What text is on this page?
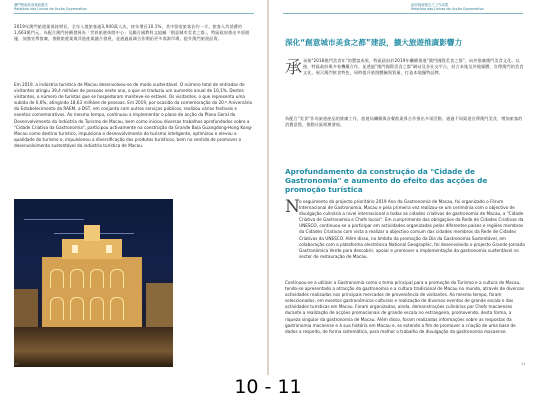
澳門特區政府施政報告
Relatório das Linhas de Acção Governativa
2019年澳門旅遊業保持增長，全年入境旅客逾3,940萬人次，按年增長10.1%，其中留宿旅客佔約一半。旅客人均消費約1,663澳門元。為配合澳門持續發展為「世界旅遊休閒中心」及聯合國教科文組織「創意城市美食之都」，特區政府推出多項措施，加強宣傳推廣，推動旅遊業與其他產業融合發展，並通過區域合作開拓更多客源市場，提升澳門旅遊品質。
Em 2019, a indústria turística de Macau desenvolveu-se de modo sustentável. O número total de entradas de visitantes atingiu 39,4 milhões de pessoas neste ano, o que se traduziu um aumento anual de 10,1%. Destes visitantes, o número de turistas que se hospedaram manteve-se estável. Os visitantes, o que representa uma subida de 0,6%, atingindo 18,63 milhões de pessoas. Em 2019, por ocasião da comemoração do 20.º Aniversário do Estabelecimento da RAEM, a DST, em conjunto com outros serviços públicos, realizou vários festivais e eventos comemorativos. Ao mesmo tempo, continuou a implementar o plano de acção da Plano Geral do Desenvolvimento da Indústria do Turismo de Macau, bem como iniciou diversas trabalhos aprofundados sobre a "Cidade Criativa da Gastronomia", participou activamente na construção da Grande Baía Guangdong-Hong Kong-Macau como destino turístico, impulsiona o desenvolvimento do turismo inteligente, optimizou e elevou a qualidade do turismo e, impulsionou a diversificação dos produtos turísticos, bem no sentido de promover o desenvolvimento sustentável da indústria turística de Macau.
10
政府施政報告之工作成果
Relatório das Linhas de Acção Governativa
深化“創意城市美食之都”建設，擴大旅遊推廣影響力
承 承接"2018澳門美食年"的豐富成果，特區政府於2019年繼續推進"澳門國際美食之都"，向外推廣澳門美食文化。以後，特區政府與多家機構合作，並透過"澳門國際美食之都"網站及各社交平台，結合本地及外地媒體，宣傳澳門的美食文化，展示澳門飲食特色，同時提升旅遊體驗與質量，打造本地獨特品牌。
為配合"美食"作為旅遊產品的推廣工作，旅遊局繼續與各餐飲業界合作推出多項活動，通過不同渠道宣傳澳門美食，增加旅客的消費意慾，推動社區經濟發展。
Aprofundamento da construção da "Cidade de Gastronomia" e aumento do efeito das acções de promoção turística
N o seguimento do projecto prioritário 2019 Ano da Gastronomia de Macau, foi organizado o Fórum Internacional de Gastronomia, Macau e pela primeira vez realizou-se um cerimónia com o objectivo de divulgação culinária a nível internacional a todas as cidades criativas de gastronomia de Macau, a "Cidade Criativa de Gastronomia e Chefs locais". Em cumprimento das obrigações da Rede de Cidades Criativas da UNESCO, continuou-se a participar em actividades organizadas pelos diferentes países e regiões membros da Cidades Criativas com vista a realizar o objectivo comum das cidades membros da Rede de Cidades Criativas da UNESCO. Além disso, no âmbito da promoção da Dia da Gastronomia Sustentável, em colaboração com a plataforma electrónica National Geographic, foi desenvolvido o projecto Grande Jornada Gastronómica Verde para descobrir, apoiar e promover a implementação da gastronomia sustentável no sector de restauração de Macau.
Continuou-se a utilizar a Gastronomia como o tema principal para a promoção do Turismo e a cultura de Macau, tendo-se apresentado a atracção da gastronomia e a cultura tradicional de Macau no mundo, através de diversas actividades realizadas nos principais mercados de proveniência de visitantes. Ao mesmo tempo, foram seleccionados, em eventos gastronómicos culturais e realização de diversos eventos de grande escala e das actividades turísticas em Macau. Foram organizadas, ainda, demonstrações culinárias por Chefs macaenses durante a realização de acções promocionais de grande escala no estrangeiro, promovendo, desta forma, a riqueza singular da gastronomia de Macau. Além disso, foram realizadas informações sobre as respostas da gastronomia macaense e à sua história em Macau e, se estendo a fim de promover a criação de uma base de dados a respeito, de forma sistemática, para melhor o trabalho de divulgação da gastronomia macaense.
11
10 - 11
